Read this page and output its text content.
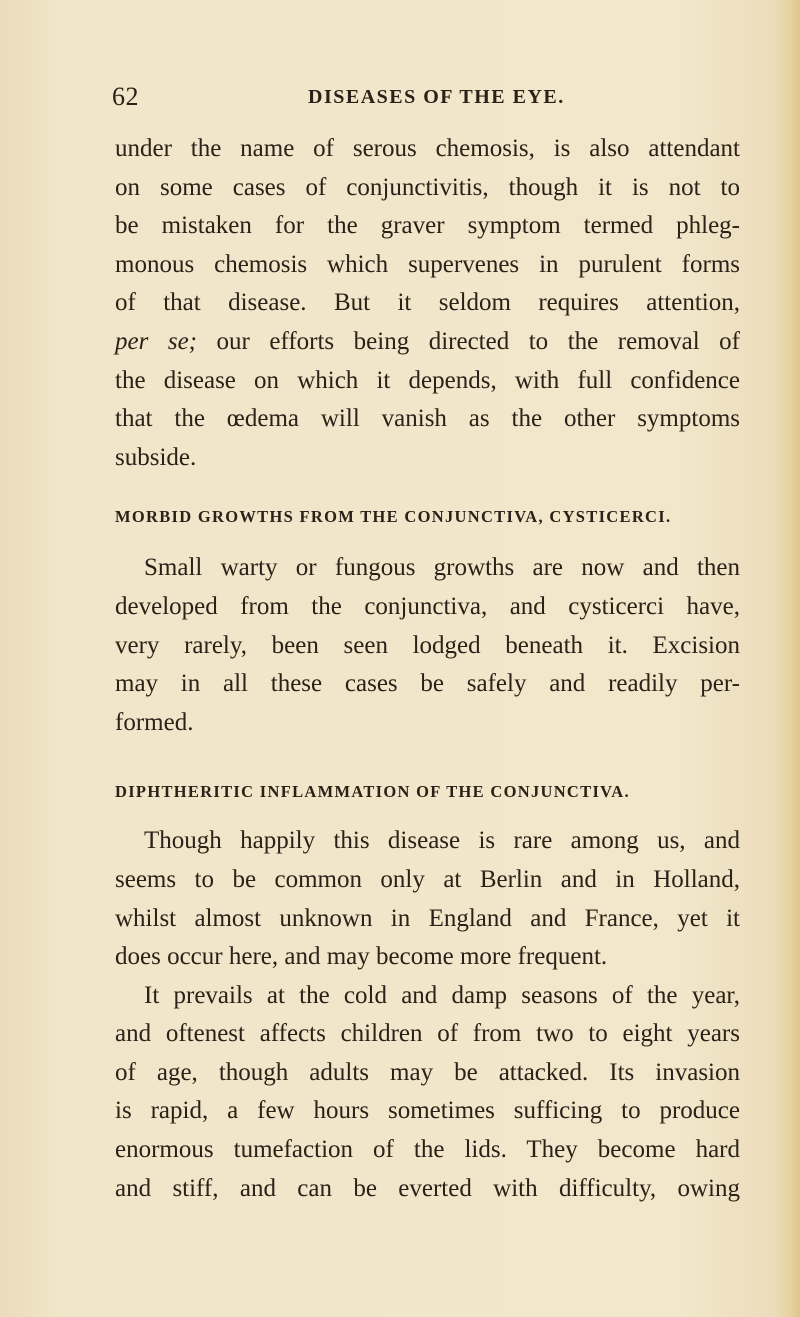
62	DISEASES OF THE EYE.

under the name of serous chemosis, is also attendant

on some cases of conjunctivitis, though it is not to

be mistaken for the graver symptom termed phleg-

monous chemosis which supervenes in purulent forms

of that disease. But it seldom requires attention,

per se; our efforts being directed to the removal of

the disease on which it depends, with full confidence

that the œdema will vanish as the other symptoms

subside.

MORBID GROWTHS FROM THE CONJUNCTIVA, CYSTICERCI.

Small warty or fungous growths are now and then

developed from the conjunctiva, and cysticerci have,

very rarely, been seen lodged beneath it. Excision

may in all these cases be safely and readily per-

formed.

DIPHTHERITIC INFLAMMATION OF THE CONJUNCTIVA.

Though happily this disease is rare among us, and

seems to be common only at Berlin and in Holland,

whilst almost unknown in England and France, yet it

does occur here, and may become more frequent.

It prevails at the cold and damp seasons of the year,

and oftenest affects children of from two to eight years

of age, though adults may be attacked. Its invasion

is rapid, a few hours sometimes sufficing to produce

enormous tumefaction of the lids. They become hard

and stiff, and can be everted with difficulty, owing
